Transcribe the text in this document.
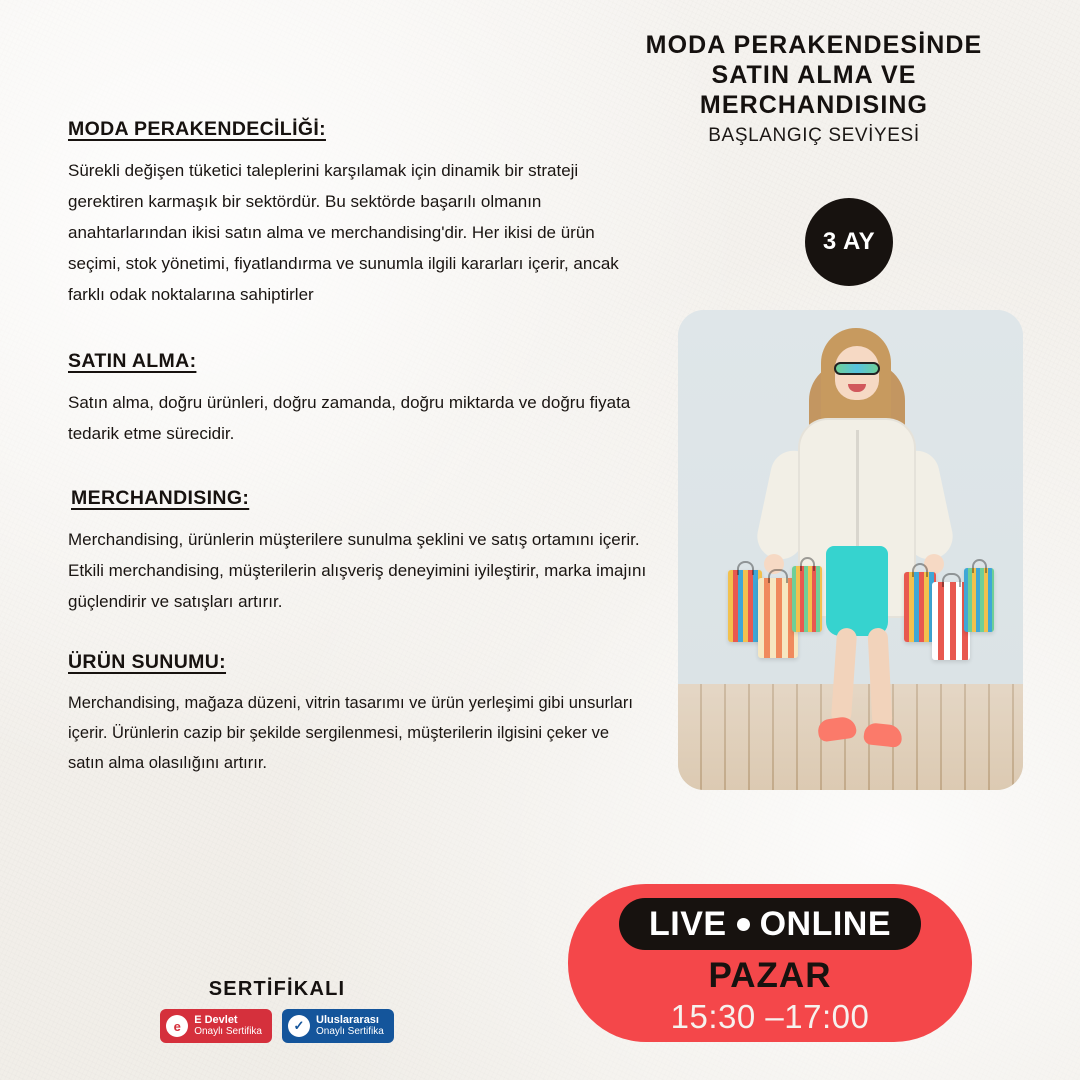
MODA PERAKENDESİNDE
SATIN ALMA VE
MERCHANDISING
BAŞLANGIÇ SEVİYESİ
MODA PERAKENDECİLİĞİ:

Sürekli değişen tüketici taleplerini karşılamak için dinamik bir strateji gerektiren karmaşık bir sektördür. Bu sektörde başarılı olmanın anahtarlarından ikisi satın alma ve merchandising'dir. Her ikisi de ürün seçimi, stok yönetimi, fiyatlandırma ve sunumla ilgili kararları içerir, ancak farklı odak noktalarına sahiptirler

SATIN ALMA:

Satın alma, doğru ürünleri, doğru zamanda, doğru miktarda ve doğru fiyata tedarik etme sürecidir.

MERCHANDISING:

Merchandising, ürünlerin müşterilere sunulma şeklini ve satış ortamını içerir.

Etkili merchandising, müşterilerin alışveriş deneyimini iyileştirir, marka imajını güçlendirir ve satışları artırır.

ÜRÜN SUNUMU:

Merchandising, mağaza düzeni, vitrin tasarımı ve ürün yerleşimi gibi unsurları içerir. Ürünlerin cazip bir şekilde sergilenmesi, müşterilerin ilgisini çeker ve satın alma olasılığını artırır.

3 AY
SERTİFİKALI
e E Devlet
Onaylı Sertifika ✓ Uluslararası
Onaylı Sertifika
LIVE ONLINE
PAZAR
15:30 –17:00
